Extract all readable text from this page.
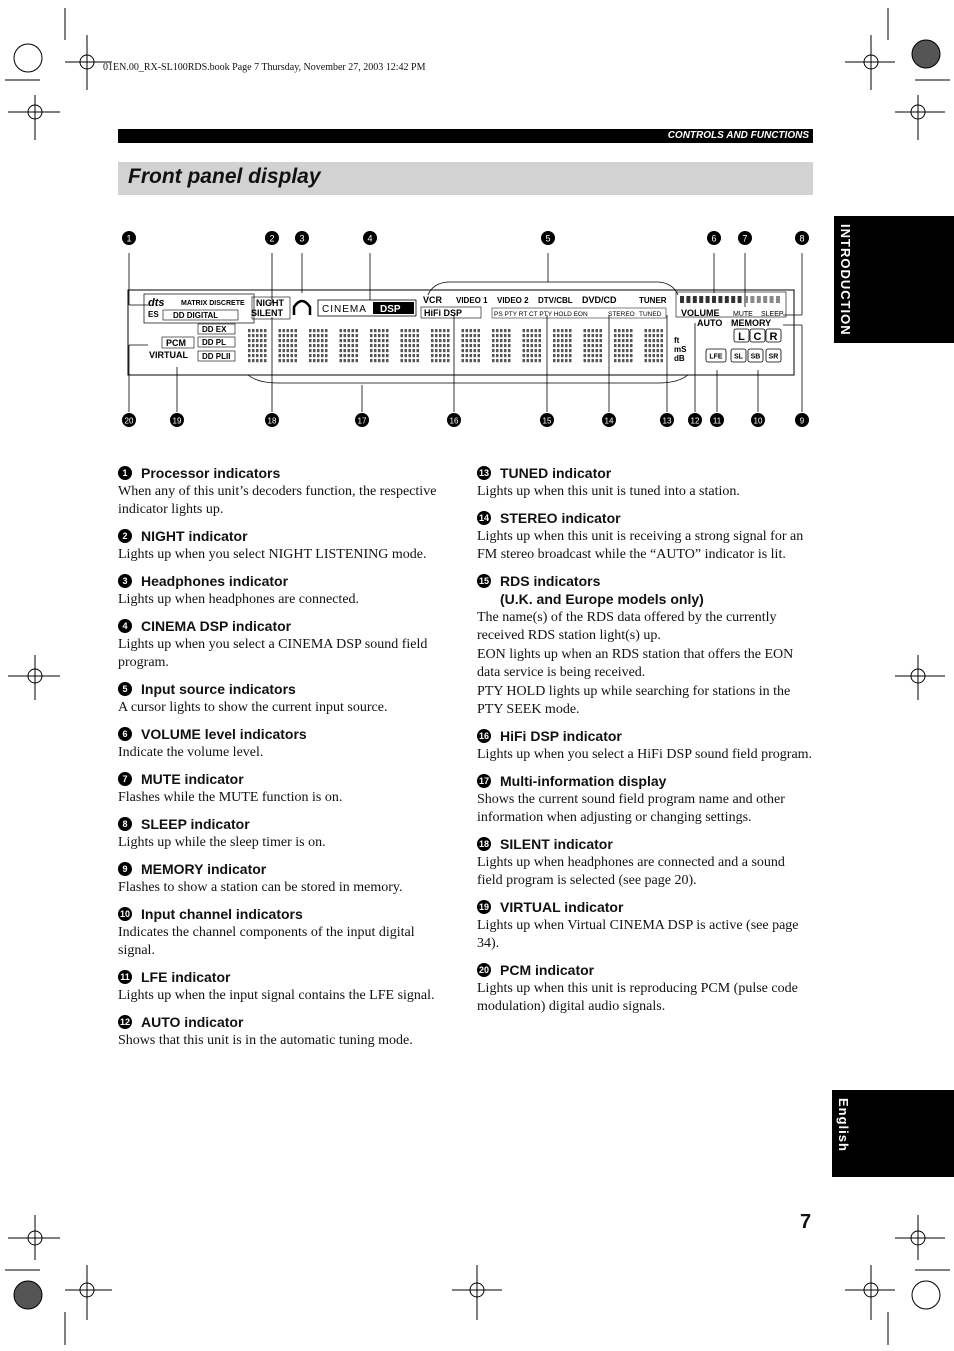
01EN.00_RX-SL100RDS.book Page 7 Thursday, November 27, 2003 12:42 PM
CONTROLS AND FUNCTIONS
Front panel display
INTRODUCTION
English
7
1	2	3	4	5	6	7	8
20	19	18	17	16	15	14	13 12 11	10	9
dts
ES
MATRIX DISCRETE
DD DIGITAL
DD EX
DD PL
DD PLII
PCM
VIRTUAL
NIGHT
SILENT	CINEMA DSP
VCR VIDEO 1 VIDEO 2 DTV/CBL DVD/CD	TUNER
HiFi DSP	PS PTY RT CT PTY HOLD EON	STEREO TUNED VOLUME MUTE SLEEP
AUTO MEMORY
ft
mS
dB
L C R
LFE SL SB SR
1 Processor indicators
When any of this unit’s decoders function, the respective indicator lights up.
2 NIGHT indicator
Lights up when you select NIGHT LISTENING mode.
3 Headphones indicator
Lights up when headphones are connected.
4 CINEMA DSP indicator
Lights up when you select a CINEMA DSP sound field program.
5 Input source indicators
A cursor lights to show the current input source.
6 VOLUME level indicators
Indicate the volume level.
7 MUTE indicator
Flashes while the MUTE function is on.
8 SLEEP indicator
Lights up while the sleep timer is on.
9 MEMORY indicator
Flashes to show a station can be stored in memory.
10 Input channel indicators
Indicates the channel components of the input digital signal.
11 LFE indicator
Lights up when the input signal contains the LFE signal.
12 AUTO indicator
Shows that this unit is in the automatic tuning mode.
13 TUNED indicator
Lights up when this unit is tuned into a station.
14 STEREO indicator
Lights up when this unit is receiving a strong signal for an FM stereo broadcast while the “AUTO” indicator is lit.
15 RDS indicators
(U.K. and Europe models only)
The name(s) of the RDS data offered by the currently received RDS station light(s) up.
EON lights up when an RDS station that offers the EON data service is being received.
PTY HOLD lights up while searching for stations in the PTY SEEK mode.
16 HiFi DSP indicator
Lights up when you select a HiFi DSP sound field program.
17 Multi-information display
Shows the current sound field program name and other information when adjusting or changing settings.
18 SILENT indicator
Lights up when headphones are connected and a sound field program is selected (see page 20).
19 VIRTUAL indicator
Lights up when Virtual CINEMA DSP is active (see page 34).
20 PCM indicator
Lights up when this unit is reproducing PCM (pulse code modulation) digital audio signals.
